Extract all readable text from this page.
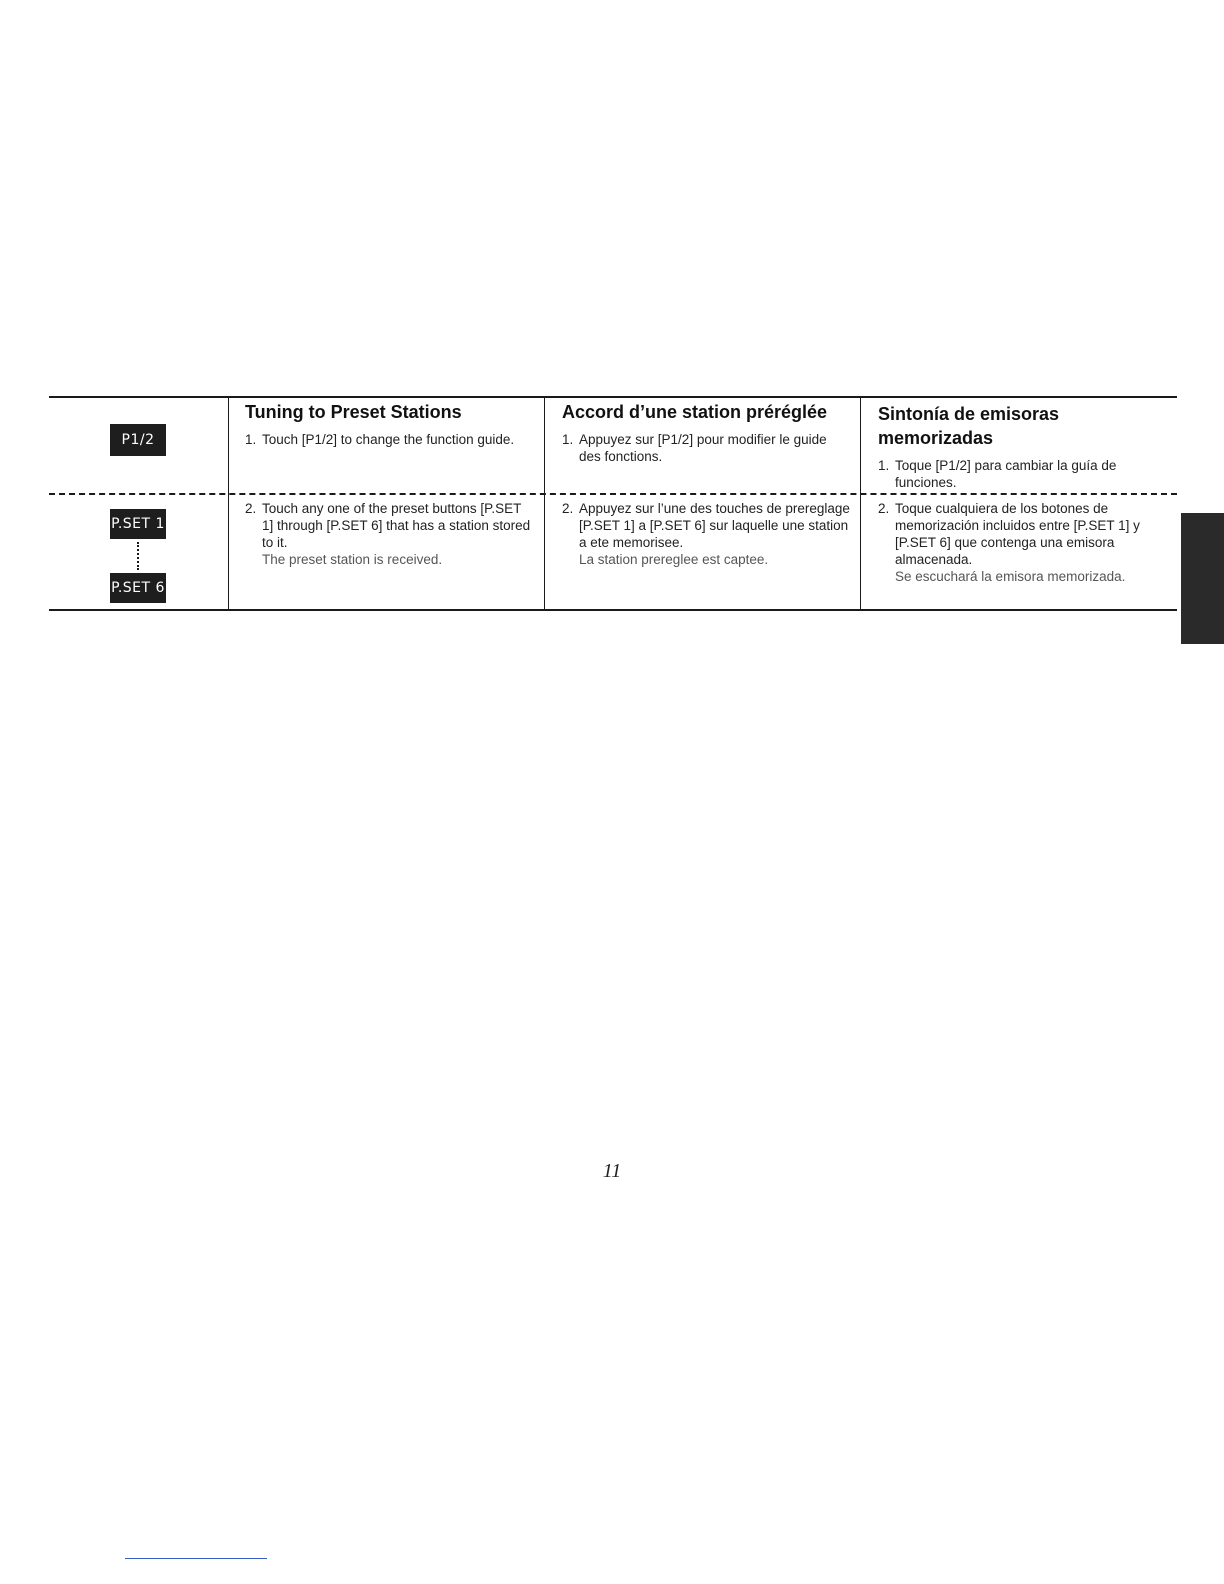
P1/2
P.SET 1
P.SET 6
Tuning to Preset Stations

1. Touch [P1/2] to change the function guide.

2. Touch any one of the preset buttons [P.SET 1] through [P.SET 6] that has a station stored to it.
The preset station is received.

Accord d’une station préréglée

1. Appuyez sur [P1/2] pour modifier le guide des fonctions.

2. Appuyez sur l’une des touches de prereglage [P.SET 1] a [P.SET 6] sur laquelle une station a ete memorisee.
La station prereglee est captee.

Sintonía de emisoras memorizadas

1. Toque [P1/2] para cambiar la guía de funciones.

2. Toque cualquiera de los botones de memorización incluidos entre [P.SET 1] y [P.SET 6] que contenga una emisora almacenada.
Se escuchará la emisora memorizada.

11
